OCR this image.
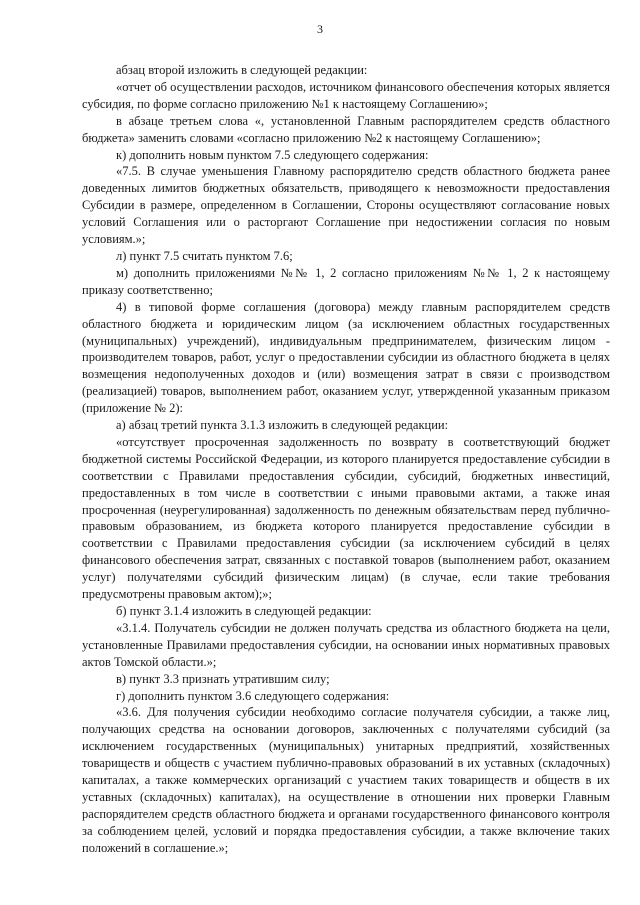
3

абзац второй изложить в следующей редакции:

«отчет об осуществлении расходов, источником финансового обеспечения которых является субсидия, по форме согласно приложению №1 к настоящему Соглашению»;

в абзаце третьем слова «, установленной Главным распорядителем средств областного бюджета» заменить словами «согласно приложению №2 к настоящему Соглашению»;

к) дополнить новым пунктом 7.5 следующего содержания:

«7.5. В случае уменьшения Главному распорядителю средств областного бюджета ранее доведенных лимитов бюджетных обязательств, приводящего к невозможности предоставления Субсидии в размере, определенном в Соглашении, Стороны осуществляют согласование новых условий Соглашения или о расторгают Соглашение при недостижении согласия по новым условиям.»;

л) пункт 7.5 считать пунктом 7.6;

м) дополнить приложениями №№ 1, 2 согласно приложениям №№ 1, 2 к настоящему приказу соответственно;

4) в типовой форме соглашения (договора) между главным распорядителем средств областного бюджета и юридическим лицом (за исключением областных государственных (муниципальных) учреждений), индивидуальным предпринимателем, физическим лицом - производителем товаров, работ, услуг о предоставлении субсидии из областного бюджета в целях возмещения недополученных доходов и (или) возмещения затрат в связи с производством (реализацией) товаров, выполнением работ, оказанием услуг, утвержденной указанным приказом (приложение № 2):

а) абзац третий пункта 3.1.3 изложить в следующей редакции:

«отсутствует просроченная задолженность по возврату в соответствующий бюджет бюджетной системы Российской Федерации, из которого планируется предоставление субсидии в соответствии с Правилами предоставления субсидии, субсидий, бюджетных инвестиций, предоставленных в том числе в соответствии с иными правовыми актами, а также иная просроченная (неурегулированная) задолженность по денежным обязательствам перед публично-правовым образованием, из бюджета которого планируется предоставление субсидии в соответствии с Правилами предоставления субсидии (за исключением субсидий в целях финансового обеспечения затрат, связанных с поставкой товаров (выполнением работ, оказанием услуг) получателями субсидий физическим лицам) (в случае, если такие требования предусмотрены правовым актом);»;

б) пункт 3.1.4 изложить в следующей редакции:

«3.1.4. Получатель субсидии не должен получать средства из областного бюджета на цели, установленные Правилами предоставления субсидии, на основании иных нормативных правовых актов Томской области.»;

в) пункт 3.3 признать утратившим силу;

г) дополнить пунктом 3.6 следующего содержания:

«3.6. Для получения субсидии необходимо согласие получателя субсидии, а также лиц, получающих средства на основании договоров, заключенных с получателями субсидий (за исключением государственных (муниципальных) унитарных предприятий, хозяйственных товариществ и обществ с участием публично-правовых образований в их уставных (складочных) капиталах, а также коммерческих организаций с участием таких товариществ и обществ в их уставных (складочных) капиталах), на осуществление в отношении них проверки Главным распорядителем средств областного бюджета и органами государственного финансового контроля за соблюдением целей, условий и порядка предоставления субсидии, а также включение таких положений в соглашение.»;
